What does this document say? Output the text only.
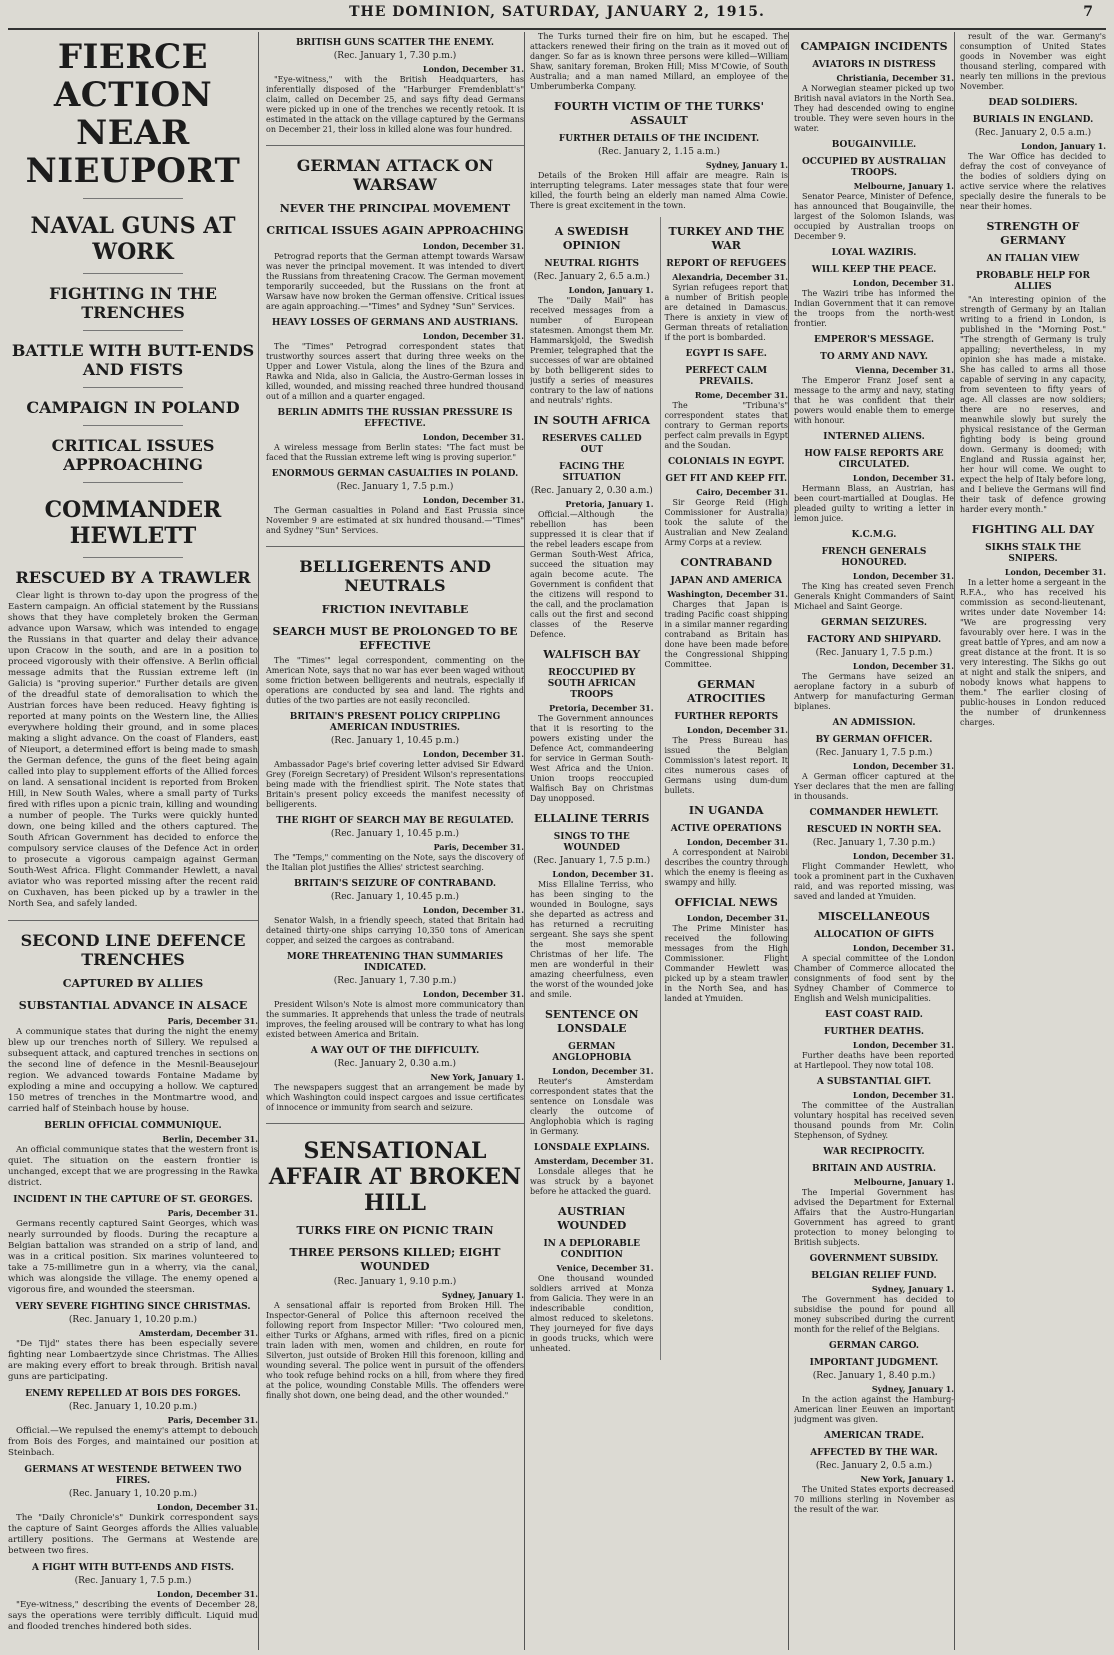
THE DOMINION, SATURDAY, JANUARY 2, 1915.	7
FIERCE ACTION NEAR NIEUPORT
NAVAL GUNS AT WORK
FIGHTING IN THE TRENCHES
BATTLE WITH BUTT-ENDS AND FISTS
CAMPAIGN IN POLAND
CRITICAL ISSUES APPROACHING
COMMANDER HEWLETT
RESCUED BY A TRAWLER

Clear light is thrown to-day upon the progress of the Eastern campaign. An official statement by the Russians shows that they have completely broken the German advance upon Warsaw, which was intended to engage the Russians in that quarter and delay their advance upon Cracow in the south, and are in a position to proceed vigorously with their offensive. A Berlin official message admits that the Russian extreme left (in Galicia) is "proving superior." Further details are given of the dreadful state of demoralisation to which the Austrian forces have been reduced. Heavy fighting is reported at many points on the Western line, the Allies everywhere holding their ground, and in some places making a slight advance. On the coast of Flanders, east of Nieuport, a determined effort is being made to smash the German defence, the guns of the fleet being again called into play to supplement efforts of the Allied forces on land. A sensational incident is reported from Broken Hill, in New South Wales, where a small party of Turks fired with rifles upon a picnic train, killing and wounding a number of people. The Turks were quickly hunted down, one being killed and the others captured. The South African Government has decided to enforce the compulsory service clauses of the Defence Act in order to prosecute a vigorous campaign against German South-West Africa. Flight Commander Hewlett, a naval aviator who was reported missing after the recent raid on Cuxhaven, has been picked up by a trawler in the North Sea, and safely landed.

SECOND LINE DEFENCE TRENCHES
CAPTURED BY ALLIES
SUBSTANTIAL ADVANCE IN ALSACE
Paris, December 31.

A communique states that during the night the enemy blew up our trenches north of Sillery. We repulsed a subsequent attack, and captured trenches in sections on the second line of defence in the Mesnil-Beausejour region. We advanced towards Fontaine Madame by exploding a mine and occupying a hollow. We captured 150 metres of trenches in the Montmartre wood, and carried half of Steinbach house by house.

BERLIN OFFICIAL COMMUNIQUE.
Berlin, December 31.

An official communique states that the western front is quiet. The situation on the eastern frontier is unchanged, except that we are progressing in the Rawka district.

INCIDENT IN THE CAPTURE OF ST. GEORGES.
Paris, December 31.

Germans recently captured Saint Georges, which was nearly surrounded by floods. During the recapture a Belgian battalion was stranded on a strip of land, and was in a critical position. Six marines volunteered to take a 75-millimetre gun in a wherry, via the canal, which was alongside the village. The enemy opened a vigorous fire, and wounded the steersman.

VERY SEVERE FIGHTING SINCE CHRISTMAS.
(Rec. January 1, 10.20 p.m.)
Amsterdam, December 31.

"De Tijd" states there has been especially severe fighting near Lombaertzyde since Christmas. The Allies are making every effort to break through. British naval guns are participating.

ENEMY REPELLED AT BOIS DES FORGES.
(Rec. January 1, 10.20 p.m.)
Paris, December 31.

Official.—We repulsed the enemy's attempt to debouch from Bois des Forges, and maintained our position at Steinbach.

GERMANS AT WESTENDE BETWEEN TWO FIRES.
(Rec. January 1, 10.20 p.m.)
London, December 31.

The "Daily Chronicle's" Dunkirk correspondent says the capture of Saint Georges affords the Allies valuable artillery positions. The Germans at Westende are between two fires.

A FIGHT WITH BUTT-ENDS AND FISTS.
(Rec. January 1, 7.5 p.m.)
London, December 31.

"Eye-witness," describing the events of December 28, says the operations were terribly difficult. Liquid mud and flooded trenches hindered both sides.

BRITISH GUNS SCATTER THE ENEMY.
(Rec. January 1, 7.30 p.m.)
London, December 31.

"Eye-witness," with the British Headquarters, has inferentially disposed of the "Harburger Fremdenblatt's" claim, called on December 25, and says fifty dead Germans were picked up in one of the trenches we recently retook. It is estimated in the attack on the village captured by the Germans on December 21, their loss in killed alone was four hundred.

GERMAN ATTACK ON WARSAW
NEVER THE PRINCIPAL MOVEMENT
CRITICAL ISSUES AGAIN APPROACHING
London, December 31.

Petrograd reports that the German attempt towards Warsaw was never the principal movement. It was intended to divert the Russians from threatening Cracow. The German movement temporarily succeeded, but the Russians on the front at Warsaw have now broken the German offensive. Critical issues are again approaching.—"Times" and Sydney "Sun" Services.

HEAVY LOSSES OF GERMANS AND AUSTRIANS.
London, December 31.

The "Times" Petrograd correspondent states that trustworthy sources assert that during three weeks on the Upper and Lower Vistula, along the lines of the Bzura and Rawka and Nida, also in Galicia, the Austro-German losses in killed, wounded, and missing reached three hundred thousand out of a million and a quarter engaged.

BERLIN ADMITS THE RUSSIAN PRESSURE IS EFFECTIVE.
London, December 31.

A wireless message from Berlin states: "The fact must be faced that the Russian extreme left wing is proving superior."

ENORMOUS GERMAN CASUALTIES IN POLAND.
(Rec. January 1, 7.5 p.m.)
London, December 31.

The German casualties in Poland and East Prussia since November 9 are estimated at six hundred thousand.—"Times" and Sydney "Sun" Services.

BELLIGERENTS AND NEUTRALS
FRICTION INEVITABLE
SEARCH MUST BE PROLONGED TO BE EFFECTIVE

The "Times'" legal correspondent, commenting on the American Note, says that no war has ever been waged without some friction between belligerents and neutrals, especially if operations are conducted by sea and land. The rights and duties of the two parties are not easily reconciled.

BRITAIN'S PRESENT POLICY CRIPPLING AMERICAN INDUSTRIES.
(Rec. January 1, 10.45 p.m.)
London, December 31.

Ambassador Page's brief covering letter advised Sir Edward Grey (Foreign Secretary) of President Wilson's representations being made with the friendliest spirit. The Note states that Britain's present policy exceeds the manifest necessity of belligerents.

THE RIGHT OF SEARCH MAY BE REGULATED.
(Rec. January 1, 10.45 p.m.)
Paris, December 31.

The "Temps," commenting on the Note, says the discovery of the Italian plot justifies the Allies' strictest searching.

BRITAIN'S SEIZURE OF CONTRABAND.
(Rec. January 1, 10.45 p.m.)
London, December 31.

Senator Walsh, in a friendly speech, stated that Britain had detained thirty-one ships carrying 10,350 tons of American copper, and seized the cargoes as contraband.

MORE THREATENING THAN SUMMARIES INDICATED.
(Rec. January 1, 7.30 p.m.)
London, December 31.

President Wilson's Note is almost more communicatory than the summaries. It apprehends that unless the trade of neutrals improves, the feeling aroused will be contrary to what has long existed between America and Britain.

A WAY OUT OF THE DIFFICULTY.
(Rec. January 2, 0.30 a.m.)
New York, January 1.

The newspapers suggest that an arrangement be made by which Washington could inspect cargoes and issue certificates of innocence or immunity from search and seizure.

SENSATIONAL AFFAIR AT BROKEN HILL
TURKS FIRE ON PICNIC TRAIN
THREE PERSONS KILLED; EIGHT WOUNDED
(Rec. January 1, 9.10 p.m.)
Sydney, January 1.

A sensational affair is reported from Broken Hill. The Inspector-General of Police this afternoon received the following report from Inspector Miller: "Two coloured men, either Turks or Afghans, armed with rifles, fired on a picnic train laden with men, women and children, en route for Silverton, just outside of Broken Hill this forenoon, killing and wounding several. The police went in pursuit of the offenders who took refuge behind rocks on a hill, from where they fired at the police, wounding Constable Mills. The offenders were finally shot down, one being dead, and the other wounded."

The Turks turned their fire on him, but he escaped. The attackers renewed their firing on the train as it moved out of danger. So far as is known three persons were killed—William Shaw, sanitary foreman, Broken Hill; Miss M'Cowie, of South Australia; and a man named Millard, an employee of the Umberumberka Company.

FOURTH VICTIM OF THE TURKS' ASSAULT
FURTHER DETAILS OF THE INCIDENT.
(Rec. January 2, 1.15 a.m.)
Sydney, January 1.

Details of the Broken Hill affair are meagre. Rain is interrupting telegrams. Later messages state that four were killed, the fourth being an elderly man named Alma Cowie. There is great excitement in the town.

A SWEDISH OPINION
NEUTRAL RIGHTS
(Rec. January 2, 6.5 a.m.)
London, January 1.

The "Daily Mail" has received messages from a number of European statesmen. Amongst them Mr. Hammarskjold, the Swedish Premier, telegraphed that the successes of war are obtained by both belligerent sides to justify a series of measures contrary to the law of nations and neutrals' rights.

IN SOUTH AFRICA
RESERVES CALLED OUT
FACING THE SITUATION
(Rec. January 2, 0.30 a.m.)
Pretoria, January 1.

Official.—Although the rebellion has been suppressed it is clear that if the rebel leaders escape from German South-West Africa, succeed the situation may again become acute. The Government is confident that the citizens will respond to the call, and the proclamation calls out the first and second classes of the Reserve Defence.

WALFISCH BAY
REOCCUPIED BY SOUTH AFRICAN TROOPS
Pretoria, December 31.

The Government announces that it is resorting to the powers existing under the Defence Act, commandeering for service in German South-West Africa and the Union. Union troops reoccupied Walfisch Bay on Christmas Day unopposed.

ELLALINE TERRIS
SINGS TO THE WOUNDED
(Rec. January 1, 7.5 p.m.)
London, December 31.

Miss Ellaline Terriss, who has been singing to the wounded in Boulogne, says she departed as actress and has returned a recruiting sergeant. She says she spent the most memorable Christmas of her life. The men are wonderful in their amazing cheerfulness, even the worst of the wounded joke and smile.

SENTENCE ON LONSDALE
GERMAN ANGLOPHOBIA
London, December 31.

Reuter's Amsterdam correspondent states that the sentence on Lonsdale was clearly the outcome of Anglophobia which is raging in Germany.

LONSDALE EXPLAINS.
Amsterdam, December 31.

Lonsdale alleges that he was struck by a bayonet before he attacked the guard.

AUSTRIAN WOUNDED
IN A DEPLORABLE CONDITION
Venice, December 31.

One thousand wounded soldiers arrived at Monza from Galicia. They were in an indescribable condition, almost reduced to skeletons. They journeyed for five days in goods trucks, which were unheated.

TURKEY AND THE WAR
REPORT OF REFUGEES
Alexandria, December 31.

Syrian refugees report that a number of British people are detained in Damascus. There is anxiety in view of German threats of retaliation if the port is bombarded.

EGYPT IS SAFE.
PERFECT CALM PREVAILS.
Rome, December 31.

The "Tribuna's" correspondent states that contrary to German reports perfect calm prevails in Egypt and the Soudan.

COLONIALS IN EGYPT.
GET FIT AND KEEP FIT.
Cairo, December 31.

Sir George Reid (High Commissioner for Australia) took the salute of the Australian and New Zealand Army Corps at a review.

CONTRABAND
JAPAN AND AMERICA
Washington, December 31.

Charges that Japan is trading Pacific coast shipping in a similar manner regarding contraband as Britain has done have been made before the Congressional Shipping Committee.

GERMAN ATROCITIES
FURTHER REPORTS
London, December 31.

The Press Bureau has issued the Belgian Commission's latest report. It cites numerous cases of Germans using dum-dum bullets.

IN UGANDA
ACTIVE OPERATIONS
London, December 31.

A correspondent at Nairobi describes the country through which the enemy is fleeing as swampy and hilly.

OFFICIAL NEWS
London, December 31.

The Prime Minister has received the following messages from the High Commissioner. Flight Commander Hewlett was picked up by a steam trawler in the North Sea, and has landed at Ymuiden.

CAMPAIGN INCIDENTS
AVIATORS IN DISTRESS
Christiania, December 31.

A Norwegian steamer picked up two British naval aviators in the North Sea. They had descended owing to engine trouble. They were seven hours in the water.

BOUGAINVILLE.
OCCUPIED BY AUSTRALIAN TROOPS.
Melbourne, January 1.

Senator Pearce, Minister of Defence, has announced that Bougainville, the largest of the Solomon Islands, was occupied by Australian troops on December 9.

LOYAL WAZIRIS.
WILL KEEP THE PEACE.
London, December 31.

The Waziri tribe has informed the Indian Government that it can remove the troops from the north-west frontier.

EMPEROR'S MESSAGE.
TO ARMY AND NAVY.
Vienna, December 31.

The Emperor Franz Josef sent a message to the army and navy, stating that he was confident that their powers would enable them to emerge with honour.

INTERNED ALIENS.
HOW FALSE REPORTS ARE CIRCULATED.
London, December 31.

Hermann Blass, an Austrian, has been court-martialled at Douglas. He pleaded guilty to writing a letter in lemon juice.

K.C.M.G.
FRENCH GENERALS HONOURED.
London, December 31.

The King has created seven French Generals Knight Commanders of Saint Michael and Saint George.

GERMAN SEIZURES.
FACTORY AND SHIPYARD.
(Rec. January 1, 7.5 p.m.)
London, December 31.

The Germans have seized an aeroplane factory in a suburb of Antwerp for manufacturing German biplanes.

AN ADMISSION.
BY GERMAN OFFICER.
(Rec. January 1, 7.5 p.m.)
London, December 31.

A German officer captured at the Yser declares that the men are falling in thousands.

COMMANDER HEWLETT.
RESCUED IN NORTH SEA.
(Rec. January 1, 7.30 p.m.)
London, December 31.

Flight Commander Hewlett, who took a prominent part in the Cuxhaven raid, and was reported missing, was saved and landed at Ymuiden.

MISCELLANEOUS
ALLOCATION OF GIFTS
London, December 31.

A special committee of the London Chamber of Commerce allocated the consignments of food sent by the Sydney Chamber of Commerce to English and Welsh municipalities.

EAST COAST RAID.
FURTHER DEATHS.
London, December 31.

Further deaths have been reported at Hartlepool. They now total 108.

A SUBSTANTIAL GIFT.
London, December 31.

The committee of the Australian voluntary hospital has received seven thousand pounds from Mr. Colin Stephenson, of Sydney.

WAR RECIPROCITY.
BRITAIN AND AUSTRIA.
Melbourne, January 1.

The Imperial Government has advised the Department for External Affairs that the Austro-Hungarian Government has agreed to grant protection to money belonging to British subjects.

GOVERNMENT SUBSIDY.
BELGIAN RELIEF FUND.
Sydney, January 1.

The Government has decided to subsidise the pound for pound all money subscribed during the current month for the relief of the Belgians.

GERMAN CARGO.
IMPORTANT JUDGMENT.
(Rec. January 1, 8.40 p.m.)
Sydney, January 1.

In the action against the Hamburg-American liner Eeuwen an important judgment was given.

AMERICAN TRADE.
AFFECTED BY THE WAR.
(Rec. January 2, 0.5 a.m.)
New York, January 1.

The United States exports decreased 70 millions sterling in November as the result of the war.

result of the war. Germany's consumption of United States goods in November was eight thousand sterling, compared with nearly ten millions in the previous November.

DEAD SOLDIERS.
BURIALS IN ENGLAND.
(Rec. January 2, 0.5 a.m.)
London, January 1.

The War Office has decided to defray the cost of conveyance of the bodies of soldiers dying on active service where the relatives specially desire the funerals to be near their homes.

STRENGTH OF GERMANY
AN ITALIAN VIEW
PROBABLE HELP FOR ALLIES

"An interesting opinion of the strength of Germany by an Italian writing to a friend in London, is published in the "Morning Post." "The strength of Germany is truly appalling; nevertheless, in my opinion she has made a mistake. She has called to arms all those capable of serving in any capacity, from seventeen to fifty years of age. All classes are now soldiers; there are no reserves, and meanwhile slowly but surely the physical resistance of the German fighting body is being ground down. Germany is doomed; with England and Russia against her, her hour will come. We ought to expect the help of Italy before long, and I believe the Germans will find their task of defence growing harder every month."

FIGHTING ALL DAY
SIKHS STALK THE SNIPERS.
London, December 31.

In a letter home a sergeant in the R.F.A., who has received his commission as second-lieutenant, writes under date November 14: "We are progressing very favourably over here. I was in the great battle of Ypres, and am now a great distance at the front. It is so very interesting. The Sikhs go out at night and stalk the snipers, and nobody knows what happens to them." The earlier closing of public-houses in London reduced the number of drunkenness charges.
